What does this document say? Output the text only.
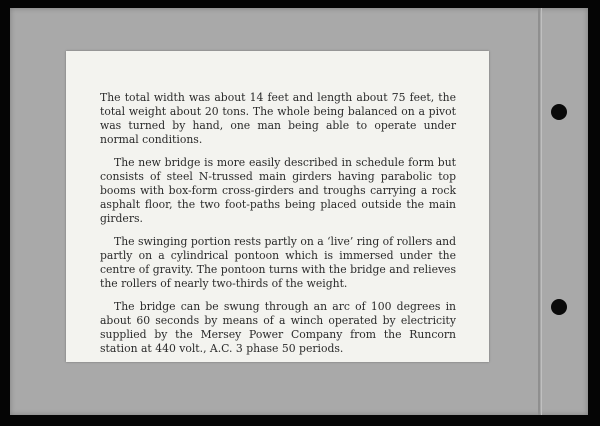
The total width was about 14 feet and length about 75 feet, the total weight about 20 tons. The whole being balanced on a pivot was turned by hand, one man being able to operate under normal conditions.

The new bridge is more easily described in schedule form but consists of steel N-trussed main girders having parabolic top booms with box-form cross-girders and troughs carrying a rock asphalt floor, the two foot-paths being placed outside the main girders.

The swinging portion rests partly on a ‘live’ ring of rollers and partly on a cylindrical pontoon which is immersed under the centre of gravity. The pontoon turns with the bridge and relieves the rollers of nearly two-thirds of the weight.

The bridge can be swung through an arc of 100 degrees in about 60 seconds by means of a winch operated by electricity supplied by the Mersey Power Company from the Runcorn station at 440 volt., A.C. 3 phase 50 periods.
